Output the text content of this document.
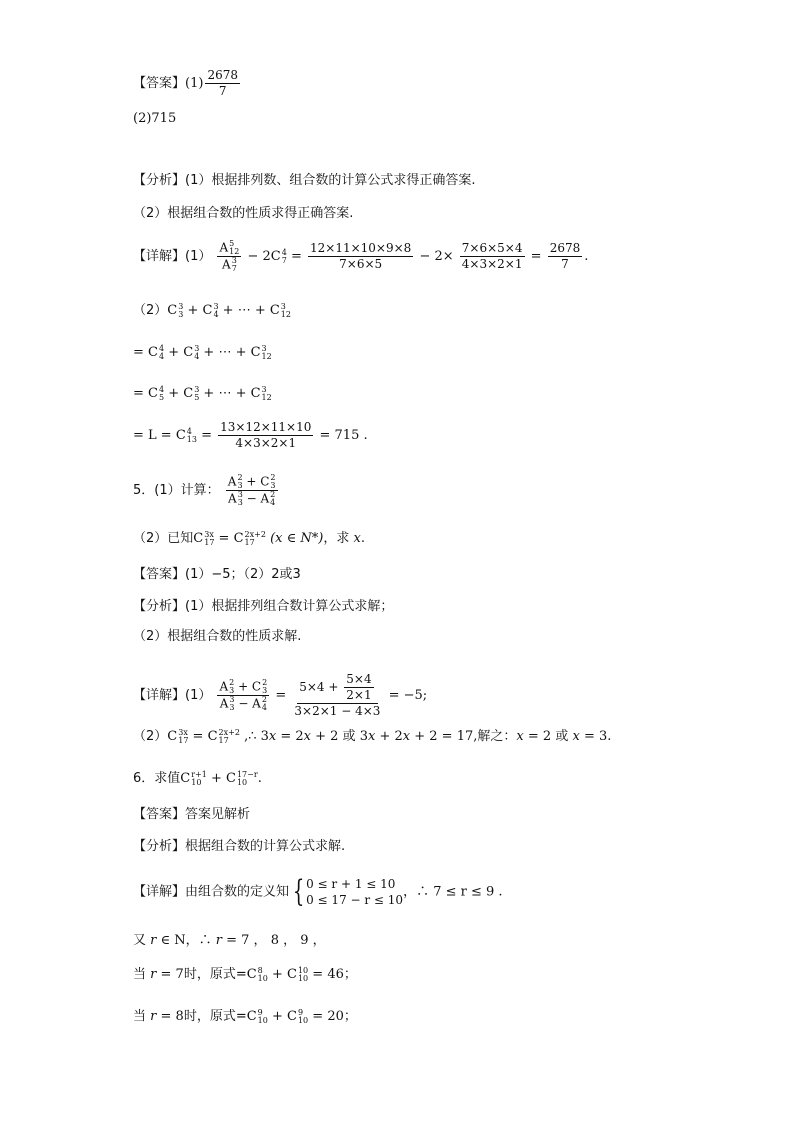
【答案】$(1) \frac{2678}{7}$
(2)715
【分析】(1）根据排列数、组合数的计算公式求得正确答案.
（2）根据组合数的性质求得正确答案.
【详解】(1） A 5
12
A 3
7 − 2C 4
$7 = \frac{12\times 11\times 10\times 9\times 8}{7\times 6\times 5} - 2\times \frac{7\times 6\times 5\times 4}{4\times 3\times 2\times 1} = \frac{2678}{7}$ .
（2）C 3
3 + C 3
4 + ⋯ + C 3
12
= C 4
4 + C 3
4 + ⋯ + C 3
12
= C 4
5 + C 3
5 + ⋯ + C 3
12
= L = C 4
$13 = \frac{13\times 12\times 11\times 10}{4\times 3\times 2\times 1} = 715$ .
5．(1）计算： A 2
3 + C 2
3
A 3
3 − A 2
4
（2）已知C 3x
17 = C 2x+2
17	(x ∈ N*)，求 x.
【答案】(1）−5；（2）2或3
【分析】(1）根据排列组合数计算公式求解；
（2）根据组合数的性质求解.
【详解】(1） A 2
3 + C 2
3
A 3
3 − A 2
$4 = \frac{5\times 4 + \frac{5\times 4}{2\times 1}}{3\times 2\times 1 - 4\times 3} = -5$;
（2）C 3x
17 = C 2x+2
17 ,∴ 3x = 2x + 2 或 3x + 2x + 2 = 17,解之：x = 2 或 x = 3.
6．求值C r+1
10 + C 17−r
10 .
【答案】答案见解析
【分析】根据组合数的计算公式求解.
【详解】由组合数的定义知 { 0 ≤ r + 1 ≤ 10
0 ≤ 17 − r ≤ 10
，∴ 7 ≤ r ≤ 9 .
又 r ∈ N，∴ r = 7 ， 8 ， 9 ，
当 r = 7时，原式=C 8
10 + C 10
10 = 46；
当 r = 8时，原式=C 9
10 + C 9
10 = 20；
